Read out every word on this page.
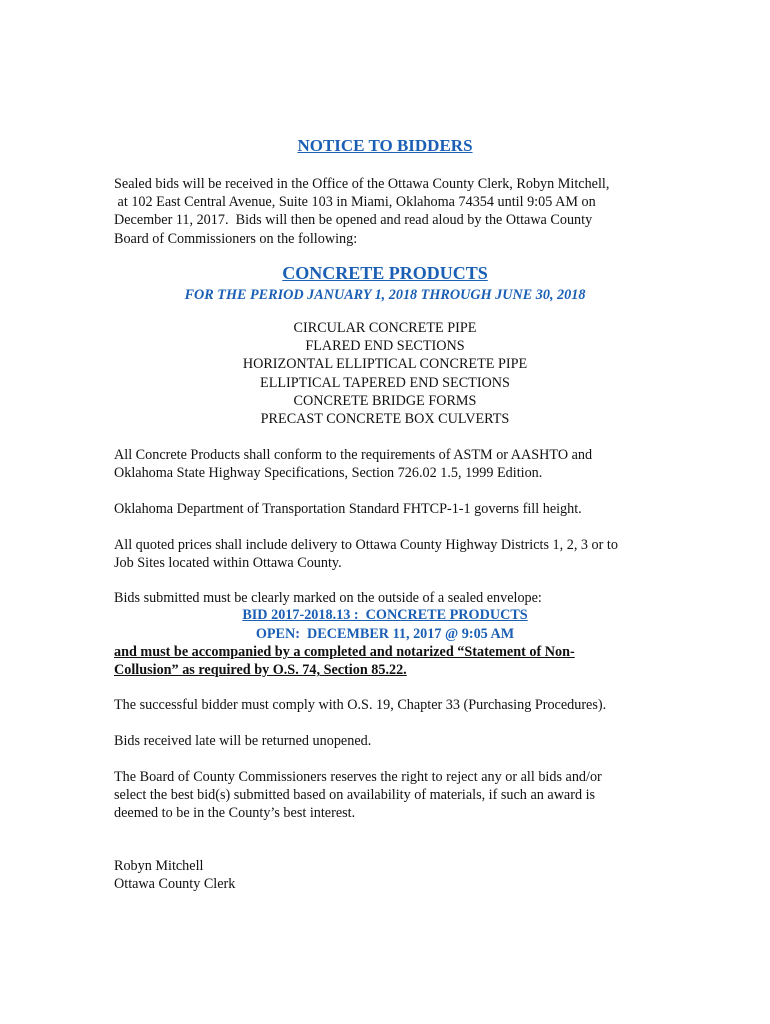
NOTICE TO BIDDERS
Sealed bids will be received in the Office of the Ottawa County Clerk, Robyn Mitchell,
at 102 East Central Avenue, Suite 103 in Miami, Oklahoma 74354 until 9:05 AM on
December 11, 2017.  Bids will then be opened and read aloud by the Ottawa County
Board of Commissioners on the following:
CONCRETE PRODUCTS
FOR THE PERIOD JANUARY 1, 2018 THROUGH JUNE 30, 2018
CIRCULAR CONCRETE PIPE
FLARED END SECTIONS
HORIZONTAL ELLIPTICAL CONCRETE PIPE
ELLIPTICAL TAPERED END SECTIONS
CONCRETE BRIDGE FORMS
PRECAST CONCRETE BOX CULVERTS
All Concrete Products shall conform to the requirements of ASTM or AASHTO and
Oklahoma State Highway Specifications, Section 726.02 1.5, 1999 Edition.
Oklahoma Department of Transportation Standard FHTCP-1-1 governs fill height.
All quoted prices shall include delivery to Ottawa County Highway Districts 1, 2, 3 or to
Job Sites located within Ottawa County.
Bids submitted must be clearly marked on the outside of a sealed envelope:
BID 2017-2018.13 :  CONCRETE PRODUCTS
OPEN:  DECEMBER 11, 2017 @ 9:05 AM
and must be accompanied by a completed and notarized “Statement of Non-
Collusion” as required by O.S. 74, Section 85.22.
The successful bidder must comply with O.S. 19, Chapter 33 (Purchasing Procedures).
Bids received late will be returned unopened.
The Board of County Commissioners reserves the right to reject any or all bids and/or
select the best bid(s) submitted based on availability of materials, if such an award is
deemed to be in the County’s best interest.
Robyn Mitchell
Ottawa County Clerk
